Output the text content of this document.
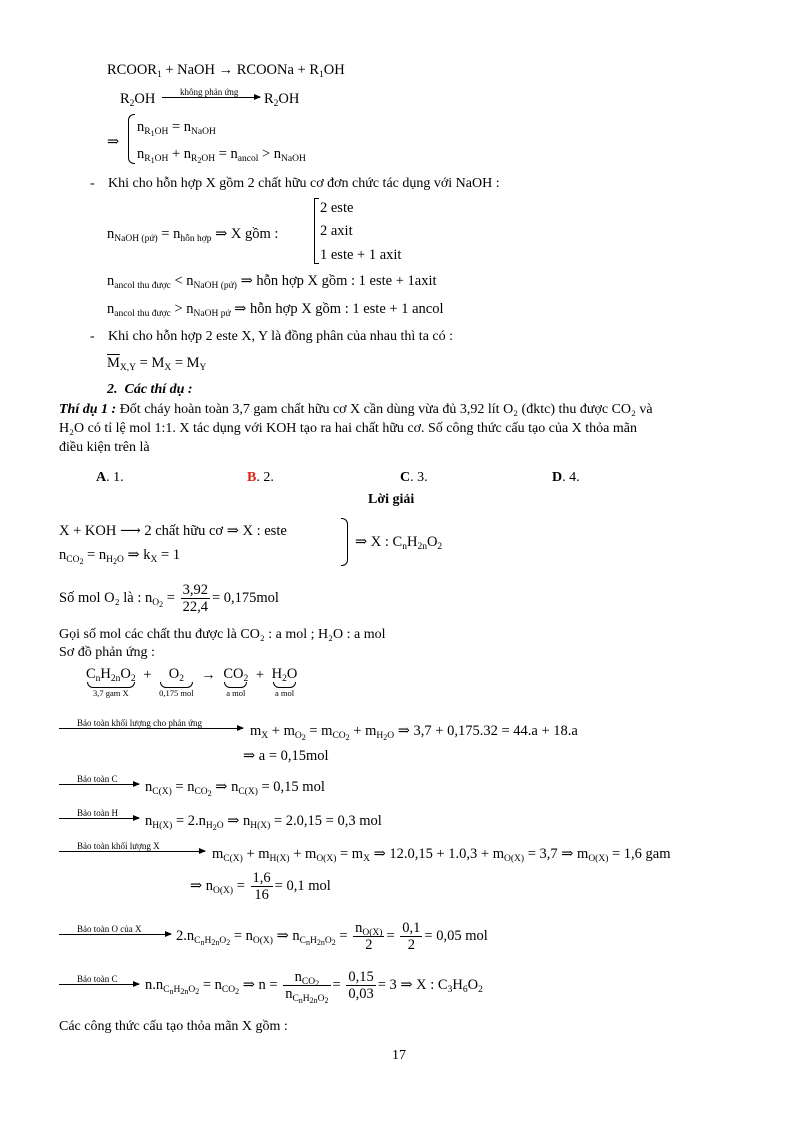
$RCOOR_1$ + NaOH → RCOONa + $R_1OH$
$R_2OH$	không phản ứng	$R_2OH$
⇒
$n_{R_1OH} = n_{NaOH}$
$n_{R_1OH} + n_{R_2OH} = n_{ancol} > n_{NaOH}$
- Khi cho hỗn hợp X gồm 2 chất hữu cơ đơn chức tác dụng với NaOH :
$n_{NaOH (pứ)} = n_{hỗn hợp}$ ⇒ X gồm :
2 este
2 axit
1 este + 1 axit
$n_{ancol thu được} < n_{NaOH (pứ)}$ ⇒ hỗn hợp X gồm : 1 este + 1axit
$n_{ancol thu được} > n_{NaOH pứ}$ ⇒ hỗn hợp X gồm : 1 este + 1 ancol
- Khi cho hỗn hợp 2 este X, Y là đồng phân của nhau thì ta có :
$\overline{M}_{X,Y} = M_X = M_Y$
2. Các thí dụ :
Thí dụ 1 : Đốt cháy hoàn toàn 3,7 gam chất hữu cơ X cần dùng vừa đủ 3,92 lít O₂ (đktc) thu được CO₂ và
H₂O có tỉ lệ mol 1:1. X tác dụng với KOH tạo ra hai chất hữu cơ. Số công thức cấu tạo của X thỏa mãn
điều kiện trên là
A. 1.	B. 2.	C. 3.	D. 4.
Lời giải
X + KOH ⟶ 2 chất hữu cơ ⇒ X : este
$n_{CO_2} = n_{H_2O}$ ⇒ $k_X = 1$
⇒ X : $C_nH_{2n}O_2$
Số mol O₂ là : $n_{O_2} = \frac{3,92}{22,4} = 0,175mol$
Gọi số mol các chất thu được là CO₂ : a mol ; H₂O : a mol
Sơ đồ phản ứng :
$C_nH_{2n}O_2$
3,7 gam X
+ $O_2$
0,175 mol
→ $CO_2$
a mol
+ $H_2O$
a mol
Bảo toàn khối lượng cho phản ứng	$m_X + m_{O_2} = m_{CO_2} + m_{H_2O}$ ⇒ 3,7 + 0,175.32 = 44.a + 18.a
⇒ a = 0,15mol
Bảo toàn C	$n_{C(X)} = n_{CO_2}$ ⇒ $n_{C(X)} = 0,15$ mol
Bảo toàn H	$n_{H(X)} = 2.n_{H_2O}$ ⇒ $n_{H(X)} = 2.0,15 = 0,3$ mol
Bảo toàn khối lượng X	$m_{C(X)} + m_{H(X)} + m_{O(X)} = m_X$ ⇒ $12.0,15 + 1.0,3 + m_{O(X)} = 3,7$ ⇒ $m_{O(X)} = 1,6$ gam
⇒ $n_{O(X)} = \frac{1,6}{16} = 0,1$ mol
Bảo toàn O của X	$2.n_{C_nH_{2n}O_2} = n_{O(X)}$ ⇒ $n_{C_nH_{2n}O_2} = \frac{n_{O(X)}}{2} = \frac{0,1}{2} = 0,05$ mol
Bảo toàn C	$n.n_{C_nH_{2n}O_2} = n_{CO_2}$ ⇒ $n = \frac{n_{CO_2}}{n_{C_nH_{2n}O_2}} = \frac{0,15}{0,03} = 3$ ⇒ X : $C_3H_6O_2$
Các công thức cấu tạo thỏa mãn X gồm :
17
